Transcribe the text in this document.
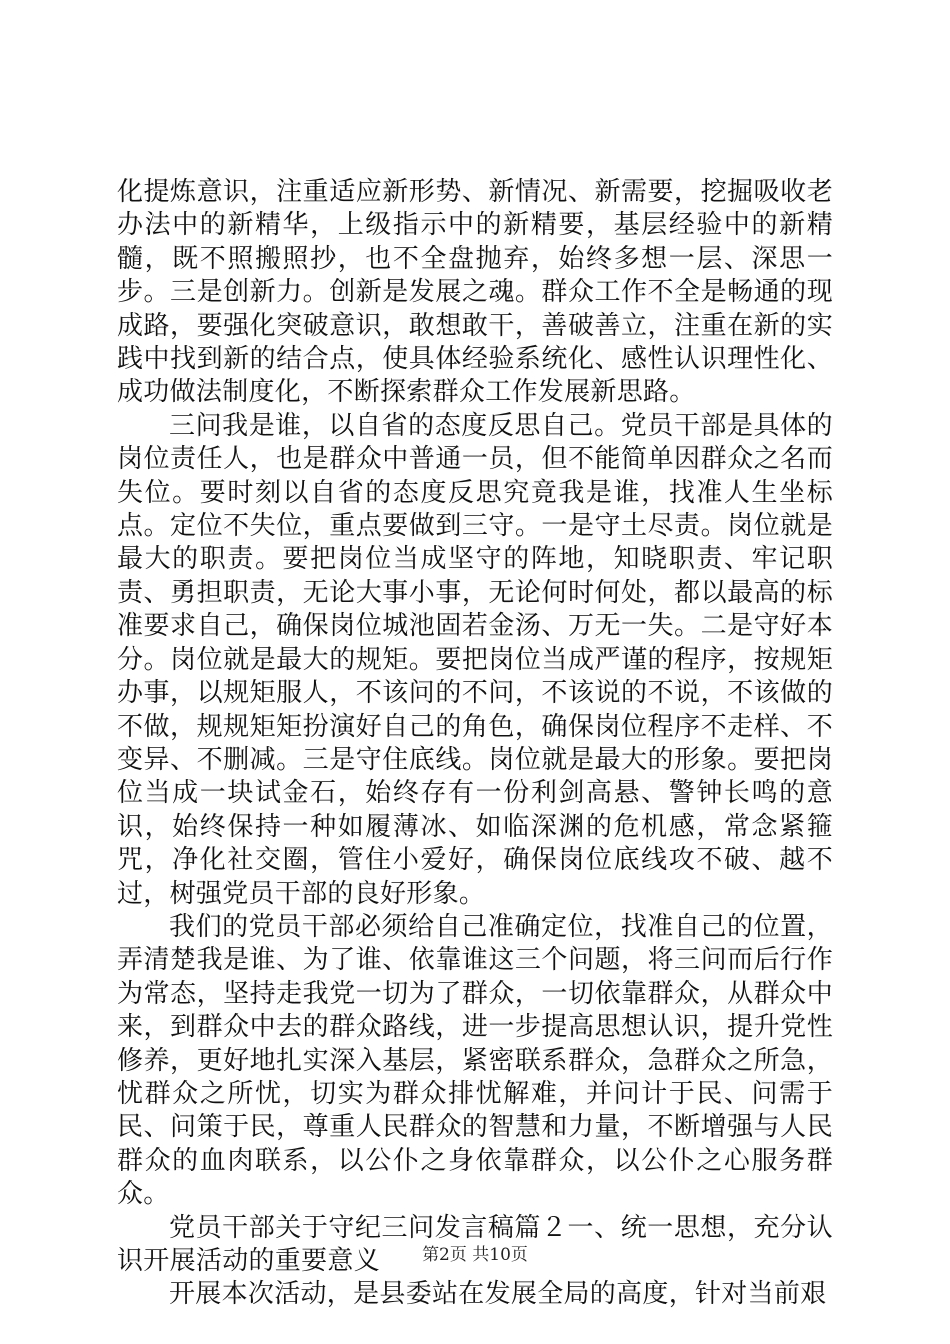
化提炼意识，注重适应新形势、新情况、新需要，挖掘吸收老办法中的新精华，上级指示中的新精要，基层经验中的新精髓，既不照搬照抄，也不全盘抛弃，始终多想一层、深思一步。三是创新力。创新是发展之魂。群众工作不全是畅通的现成路，要强化突破意识，敢想敢干，善破善立，注重在新的实践中找到新的结合点，使具体经验系统化、感性认识理性化、成功做法制度化，不断探索群众工作发展新思路。

三问我是谁，以自省的态度反思自己。党员干部是具体的岗位责任人，也是群众中普通一员，但不能简单因群众之名而失位。要时刻以自省的态度反思究竟我是谁，找准人生坐标点。定位不失位，重点要做到三守。一是守土尽责。岗位就是最大的职责。要把岗位当成坚守的阵地，知晓职责、牢记职责、勇担职责，无论大事小事，无论何时何处，都以最高的标准要求自己，确保岗位城池固若金汤、万无一失。二是守好本分。岗位就是最大的规矩。要把岗位当成严谨的程序，按规矩办事，以规矩服人，不该问的不问，不该说的不说，不该做的不做，规规矩矩扮演好自己的角色，确保岗位程序不走样、不变异、不删减。三是守住底线。岗位就是最大的形象。要把岗位当成一块试金石，始终存有一份利剑高悬、警钟长鸣的意识，始终保持一种如履薄冰、如临深渊的危机感，常念紧箍咒，净化社交圈，管住小爱好，确保岗位底线攻不破、越不过，树强党员干部的良好形象。

我们的党员干部必须给自己准确定位，找准自己的位置，弄清楚我是谁、为了谁、依靠谁这三个问题，将三问而后行作为常态，坚持走我党一切为了群众，一切依靠群众，从群众中来，到群众中去的群众路线，进一步提高思想认识，提升党性修养，更好地扎实深入基层，紧密联系群众，急群众之所急，忧群众之所忧，切实为群众排忧解难，并问计于民、问需于民、问策于民，尊重人民群众的智慧和力量，不断增强与人民群众的血肉联系，以公仆之身依靠群众，以公仆之心服务群众。

党员干部关于守纪三问发言稿篇２一、统一思想，充分认识开展活动的重要意义

开展本次活动，是县委站在发展全局的高度，针对当前艰

第2页 共10页
